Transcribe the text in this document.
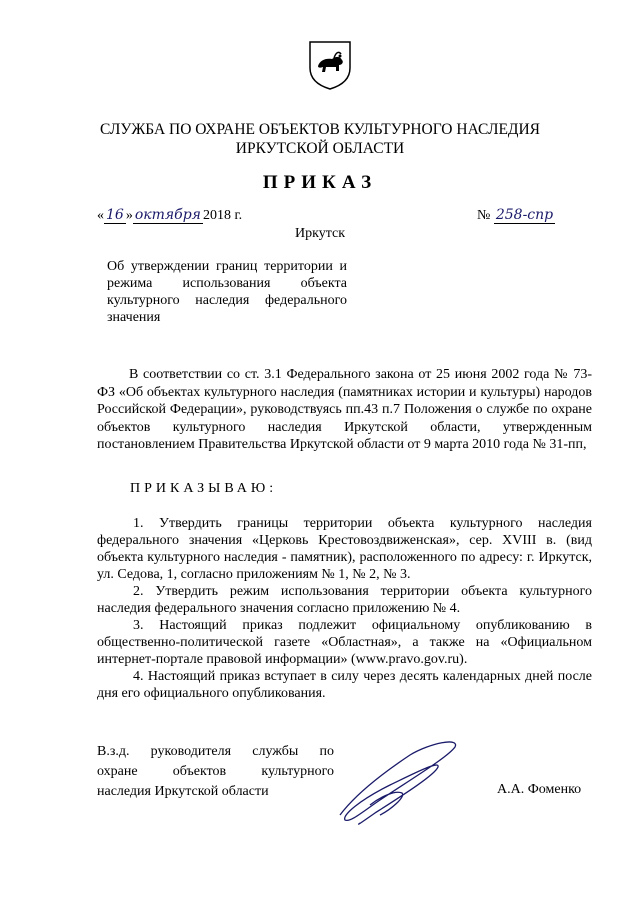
СЛУЖБА ПО ОХРАНЕ ОБЪЕКТОВ КУЛЬТУРНОГО НАСЛЕДИЯ
ИРКУТСКОЙ ОБЛАСТИ
ПРИКАЗ
« 16 » октября 2018 г.
Иркутск
№ 258-спр
Об утверждении границ территории и режима использования объекта культурного наследия федерального значения
В соответствии со ст. 3.1 Федерального закона от 25 июня 2002 года № 73-ФЗ «Об объектах культурного наследия (памятниках истории и культуры) народов Российской Федерации», руководствуясь пп.43 п.7 Положения о службе по охране объектов культурного наследия Иркутской области, утвержденным постановлением Правительства Иркутской области от 9 марта 2010 года № 31-пп,
ПРИКАЗЫВАЮ:
1. Утвердить границы территории объекта культурного наследия федерального значения «Церковь Крестовоздвиженская», сер. XVIII в. (вид объекта культурного наследия - памятник), расположенного по адресу: г. Иркутск, ул. Седова, 1, согласно приложениям № 1, № 2, № 3.
2. Утвердить режим использования территории объекта культурного наследия федерального значения согласно приложению № 4.
3. Настоящий приказ подлежит официальному опубликованию в общественно-политической газете «Областная», а также на «Официальном интернет-портале правовой информации» (www.pravo.gov.ru).
4. Настоящий приказ вступает в силу через десять календарных дней после дня его официального опубликования.
В.з.д. руководителя службы по
охране объектов культурного
наследия Иркутской области	А.А. Фоменко
